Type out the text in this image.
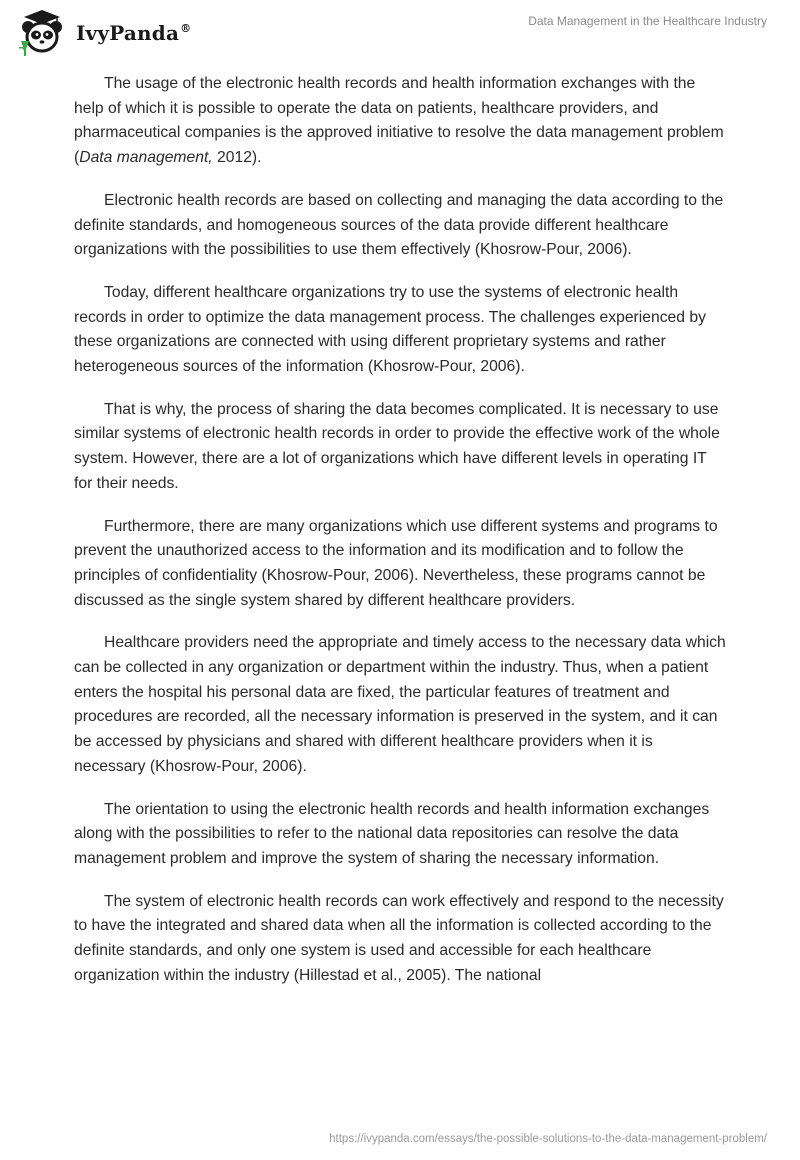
IvyPanda®
Data Management in the Healthcare Industry

The usage of the electronic health records and health information exchanges with the help of which it is possible to operate the data on patients, healthcare providers, and pharmaceutical companies is the approved initiative to resolve the data management problem (Data management, 2012).

Electronic health records are based on collecting and managing the data according to the definite standards, and homogeneous sources of the data provide different healthcare organizations with the possibilities to use them effectively (Khosrow-Pour, 2006).

Today, different healthcare organizations try to use the systems of electronic health records in order to optimize the data management process. The challenges experienced by these organizations are connected with using different proprietary systems and rather heterogeneous sources of the information (Khosrow-Pour, 2006).

That is why, the process of sharing the data becomes complicated. It is necessary to use similar systems of electronic health records in order to provide the effective work of the whole system. However, there are a lot of organizations which have different levels in operating IT for their needs.

Furthermore, there are many organizations which use different systems and programs to prevent the unauthorized access to the information and its modification and to follow the principles of confidentiality (Khosrow-Pour, 2006). Nevertheless, these programs cannot be discussed as the single system shared by different healthcare providers.

Healthcare providers need the appropriate and timely access to the necessary data which can be collected in any organization or department within the industry. Thus, when a patient enters the hospital his personal data are fixed, the particular features of treatment and procedures are recorded, all the necessary information is preserved in the system, and it can be accessed by physicians and shared with different healthcare providers when it is necessary (Khosrow-Pour, 2006).

The orientation to using the electronic health records and health information exchanges along with the possibilities to refer to the national data repositories can resolve the data management problem and improve the system of sharing the necessary information.

The system of electronic health records can work effectively and respond to the necessity to have the integrated and shared data when all the information is collected according to the definite standards, and only one system is used and accessible for each healthcare organization within the industry (Hillestad et al., 2005). The national

https://ivypanda.com/essays/the-possible-solutions-to-the-data-management-problem/
